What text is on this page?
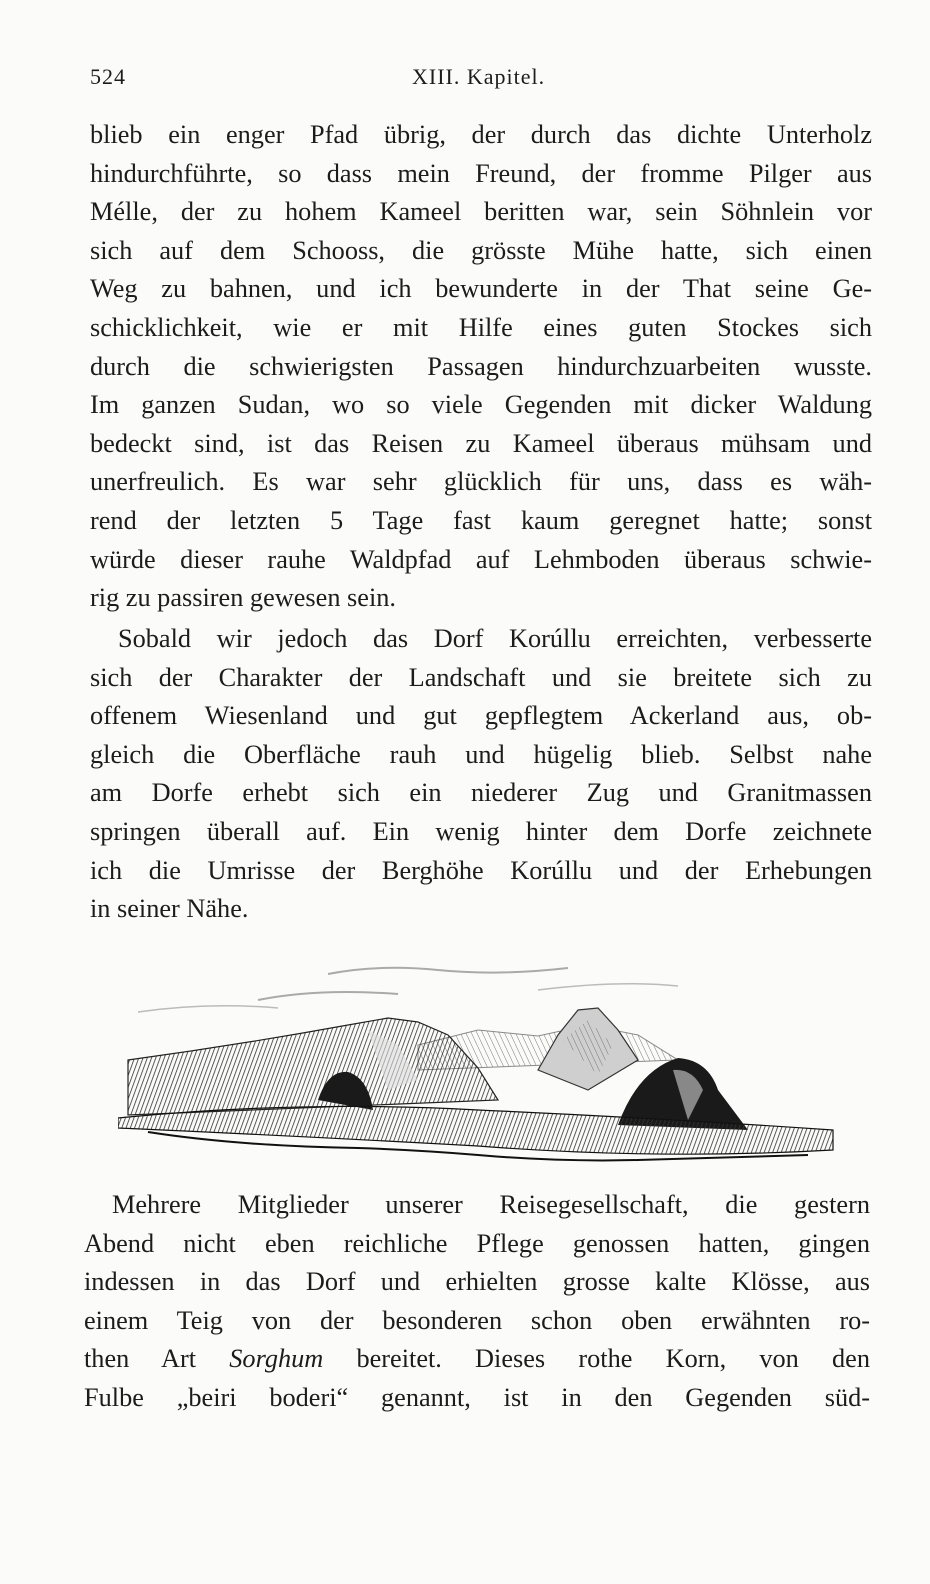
524	XIII. Kapitel.
blieb ein enger Pfad übrig, der durch das dichte Unterholz
hindurchführte, so dass mein Freund, der fromme Pilger aus
Mélle, der zu hohem Kameel beritten war, sein Söhnlein vor
sich auf dem Schooss, die grösste Mühe hatte, sich einen
Weg zu bahnen, und ich bewunderte in der That seine Ge-
schicklichkeit, wie er mit Hilfe eines guten Stockes sich
durch die schwierigsten Passagen hindurchzuarbeiten wusste.
Im ganzen Sudan, wo so viele Gegenden mit dicker Waldung
bedeckt sind, ist das Reisen zu Kameel überaus mühsam und
unerfreulich. Es war sehr glücklich für uns, dass es wäh-
rend der letzten 5 Tage fast kaum geregnet hatte; sonst
würde dieser rauhe Waldpfad auf Lehmboden überaus schwie-
rig zu passiren gewesen sein.
Sobald wir jedoch das Dorf Korúllu erreichten, verbesserte
sich der Charakter der Landschaft und sie breitete sich zu
offenem Wiesenland und gut gepflegtem Ackerland aus, ob-
gleich die Oberfläche rauh und hügelig blieb. Selbst nahe
am Dorfe erhebt sich ein niederer Zug und Granitmassen
springen überall auf. Ein wenig hinter dem Dorfe zeichnete
ich die Umrisse der Berghöhe Korúllu und der Erhebungen
in seiner Nähe.
Mehrere Mitglieder unserer Reisegesellschaft, die gestern
Abend nicht eben reichliche Pflege genossen hatten, gingen
indessen in das Dorf und erhielten grosse kalte Klösse, aus
einem Teig von der besonderen schon oben erwähnten ro-
then Art Sorghum bereitet. Dieses rothe Korn, von den
Fulbe „beiri boderi“ genannt, ist in den Gegenden süd-
